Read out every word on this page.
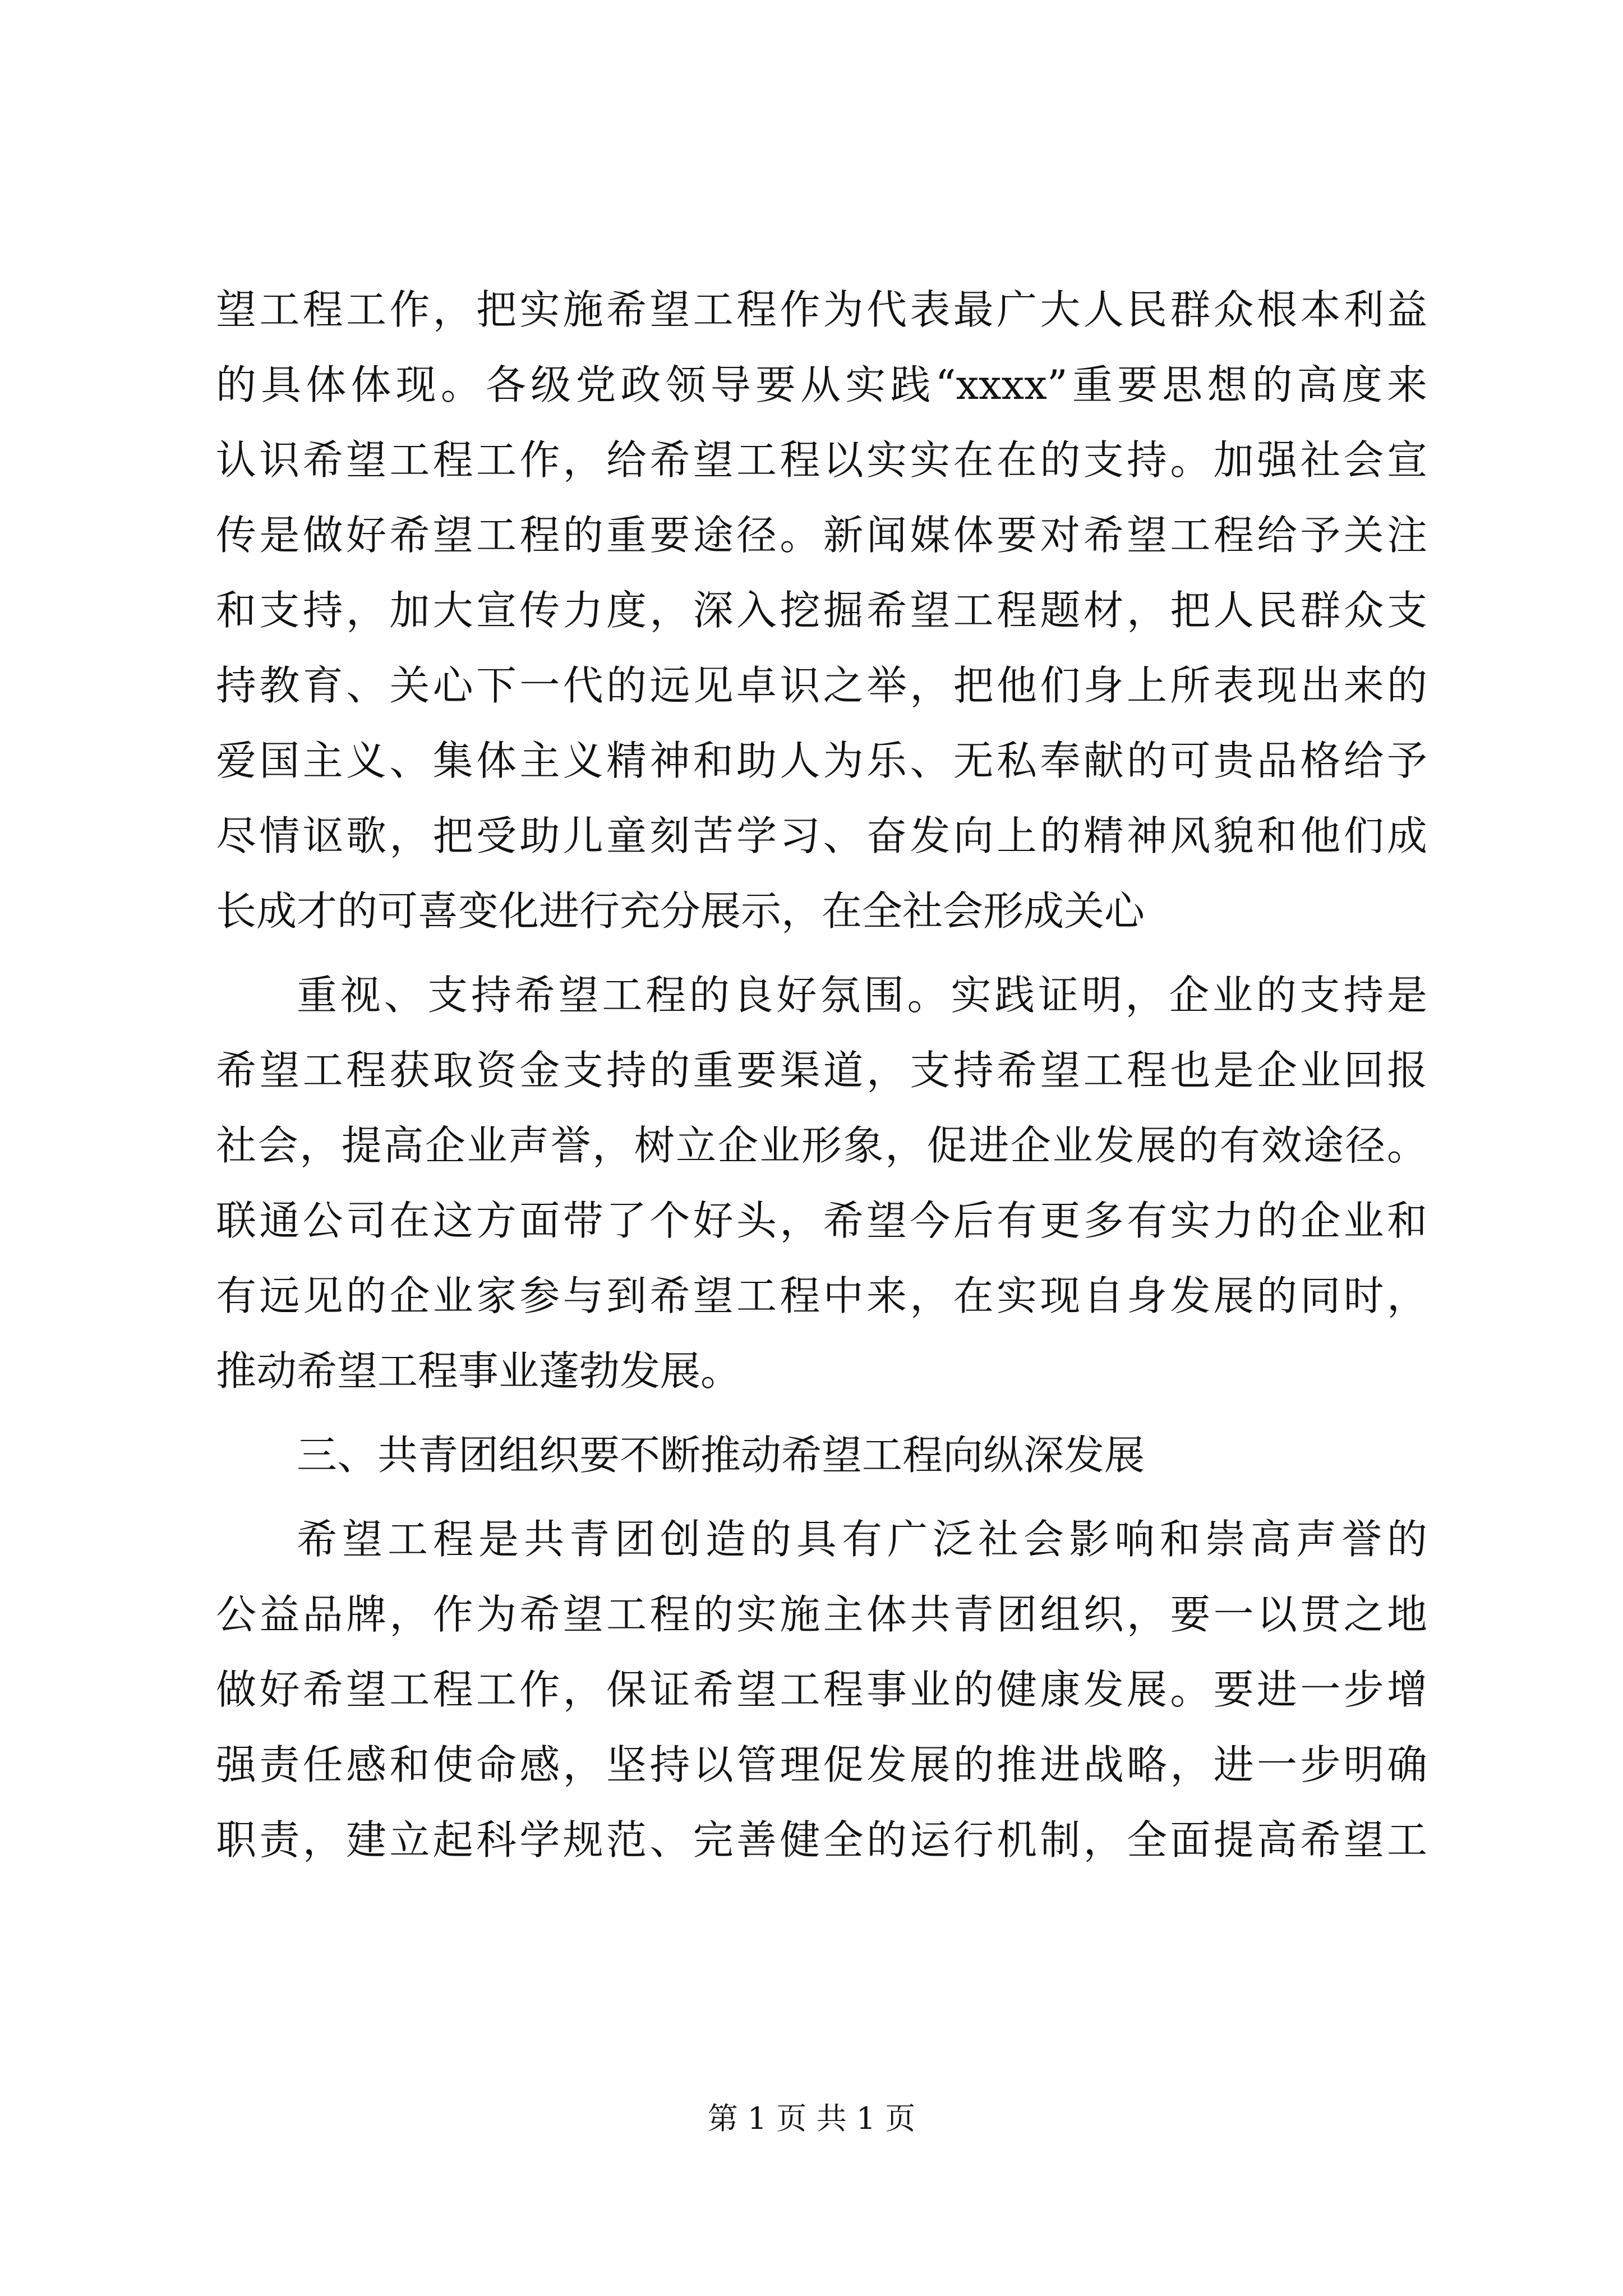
望工程工作，把实施希望工程作为代表最广大人民群众根本利益
的具体体现。各级党政领导要从实践“xxxx”重要思想的高度来
认识希望工程工作，给希望工程以实实在在的支持。加强社会宣
传是做好希望工程的重要途径。新闻媒体要对希望工程给予关注
和支持，加大宣传力度，深入挖掘希望工程题材，把人民群众支
持教育、关心下一代的远见卓识之举，把他们身上所表现出来的
爱国主义、集体主义精神和助人为乐、无私奉献的可贵品格给予
尽情讴歌，把受助儿童刻苦学习、奋发向上的精神风貌和他们成
长成才的可喜变化进行充分展示，在全社会形成关心
重视、支持希望工程的良好氛围。实践证明，企业的支持是
希望工程获取资金支持的重要渠道，支持希望工程也是企业回报
社会，提高企业声誉，树立企业形象，促进企业发展的有效途径。
联通公司在这方面带了个好头，希望今后有更多有实力的企业和
有远见的企业家参与到希望工程中来，在实现自身发展的同时，
推动希望工程事业蓬勃发展。
三、共青团组织要不断推动希望工程向纵深发展
希望工程是共青团创造的具有广泛社会影响和崇高声誉的
公益品牌，作为希望工程的实施主体共青团组织，要一以贯之地
做好希望工程工作，保证希望工程事业的健康发展。要进一步增
强责任感和使命感，坚持以管理促发展的推进战略，进一步明确
职责，建立起科学规范、完善健全的运行机制，全面提高希望工
第 1 页 共 1 页
